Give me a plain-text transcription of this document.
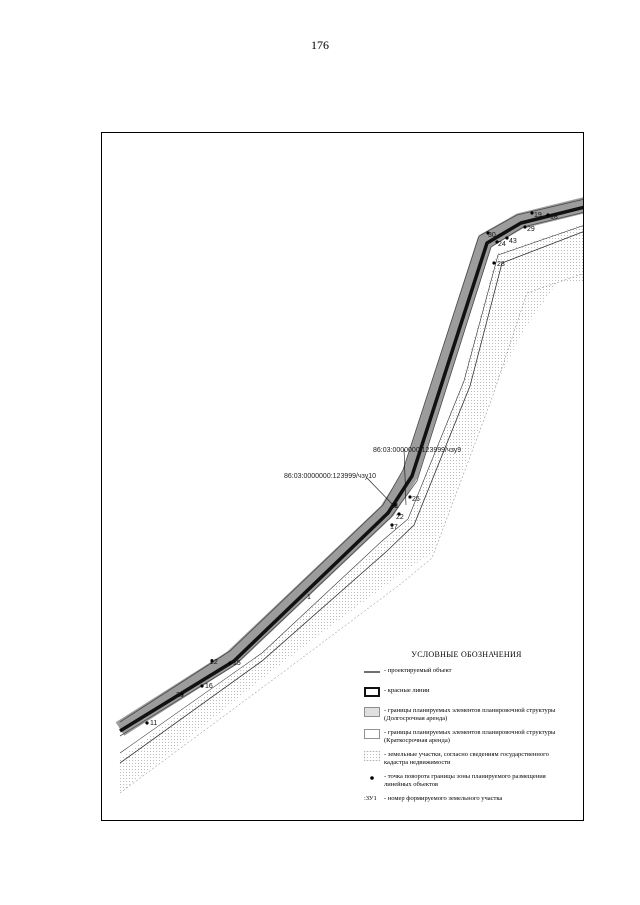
176
86:03:0000000:123999/чзу9
86:03:0000000:123999/чзу10
11
16
20
22 15
21
25
22
17
30
24 43
28
19
29
18
1
УСЛОВНЫЕ ОБОЗНАЧЕНИЯ
- проектируемый объект
- красные линии
- границы планируемых элементов планировочной структуры (Долгосрочная аренда)
- границы планируемых элементов планировочной структуры (Краткосрочная аренда)
- земельные участки, согласно сведениям государственного кадастра недвижимости
- точка поворота границы зоны планируемого размещения линейных объектов
:ЗУ1	- номер формируемого земельного участка
